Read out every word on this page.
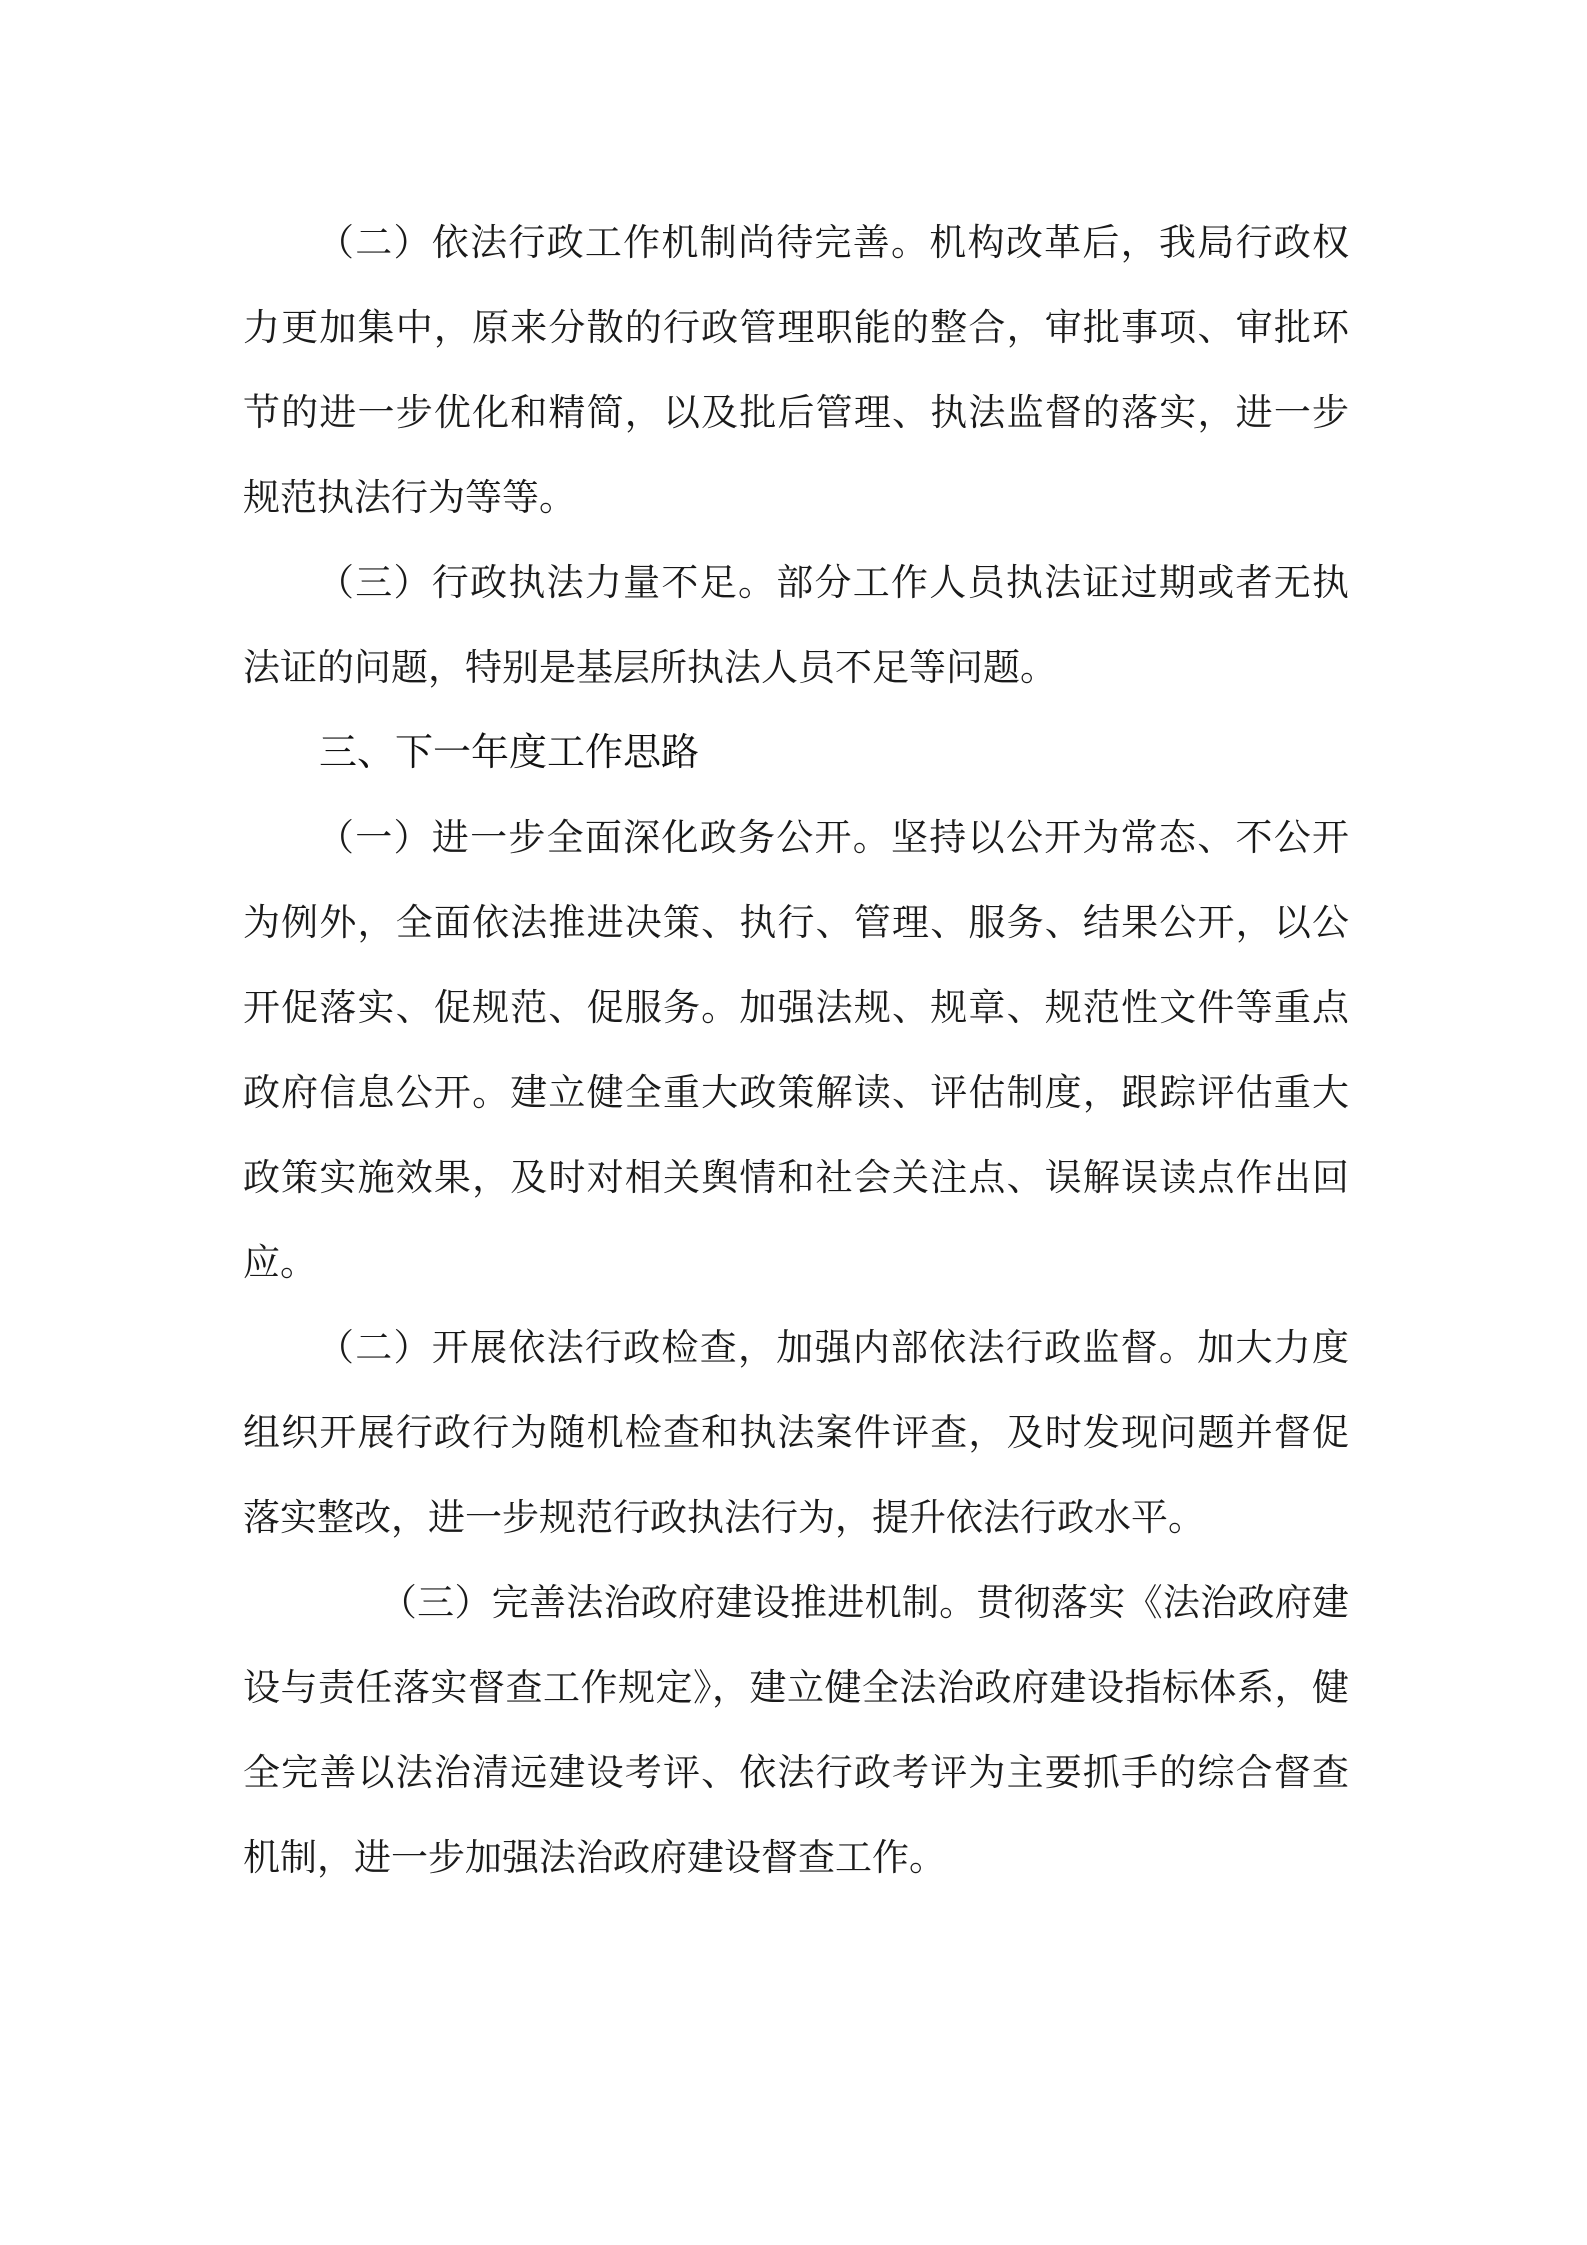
（二）依法行政工作机制尚待完善。机构改革后，我局行政权力更加集中，原来分散的行政管理职能的整合，审批事项、审批环节的进一步优化和精简，以及批后管理、执法监督的落实，进一步规范执法行为等等。

（三）行政执法力量不足。部分工作人员执法证过期或者无执法证的问题，特别是基层所执法人员不足等问题。

三、下一年度工作思路

（一）进一步全面深化政务公开。坚持以公开为常态、不公开为例外，全面依法推进决策、执行、管理、服务、结果公开，以公开促落实、促规范、促服务。加强法规、规章、规范性文件等重点政府信息公开。建立健全重大政策解读、评估制度，跟踪评估重大政策实施效果，及时对相关舆情和社会关注点、误解误读点作出回应。

（二）开展依法行政检查，加强内部依法行政监督。加大力度组织开展行政行为随机检查和执法案件评查，及时发现问题并督促落实整改，进一步规范行政执法行为，提升依法行政水平。

（三）完善法治政府建设推进机制。贯彻落实《法治政府建设与责任落实督查工作规定》，建立健全法治政府建设指标体系，健全完善以法治清远建设考评、依法行政考评为主要抓手的综合督查机制，进一步加强法治政府建设督查工作。
